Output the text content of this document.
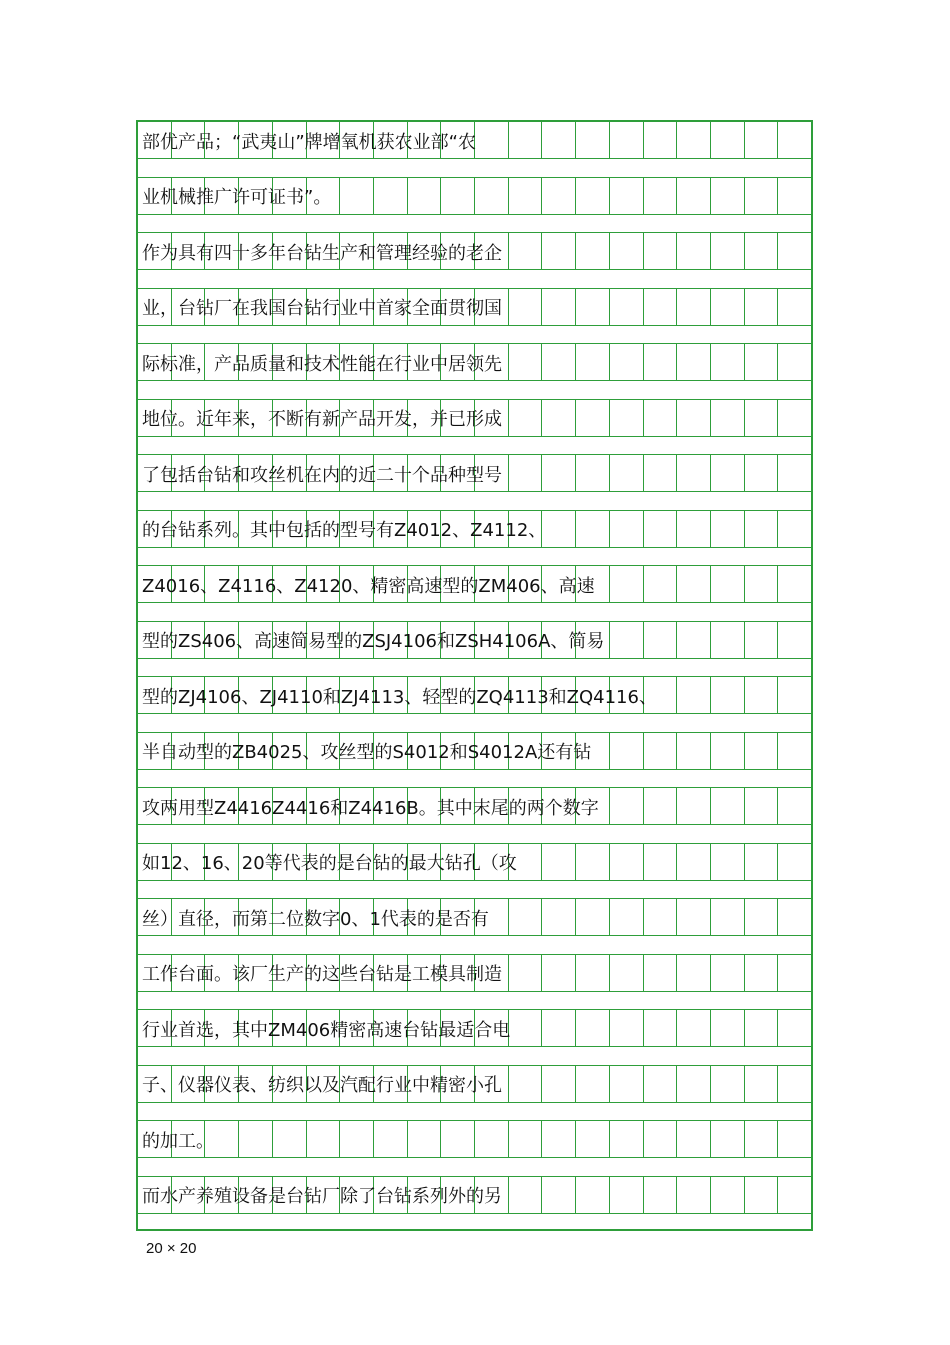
部优产品；“武夷山”牌增氧机获农业部“农
业机械推广许可证书”。
作为具有四十多年台钻生产和管理经验的老企
业，台钻厂在我国台钻行业中首家全面贯彻国
际标准，产品质量和技术性能在行业中居领先
地位。近年来，不断有新产品开发，并已形成
了包括台钻和攻丝机在内的近二十个品种型号
的台钻系列。其中包括的型号有Z4012、Z4112、
Z4016、Z4116、Z4120、精密高速型的ZM406、高速
型的ZS406、高速简易型的ZSJ4106和ZSH4106A、简易
型的ZJ4106、ZJ4110和ZJ4113、轻型的ZQ4113和ZQ4116、
半自动型的ZB4025、攻丝型的S4012和S4012A还有钻
攻两用型Z4416Z4416和Z4416B。其中末尾的两个数字
如12、16、20等代表的是台钻的最大钻孔（攻
丝）直径，而第二位数字0、1代表的是否有
工作台面。该厂生产的这些台钻是工模具制造
行业首选，其中ZM406精密高速台钻最适合电
子、仪器仪表、纺织以及汽配行业中精密小孔
的加工。
而水产养殖设备是台钻厂除了台钻系列外的另
20 × 20
